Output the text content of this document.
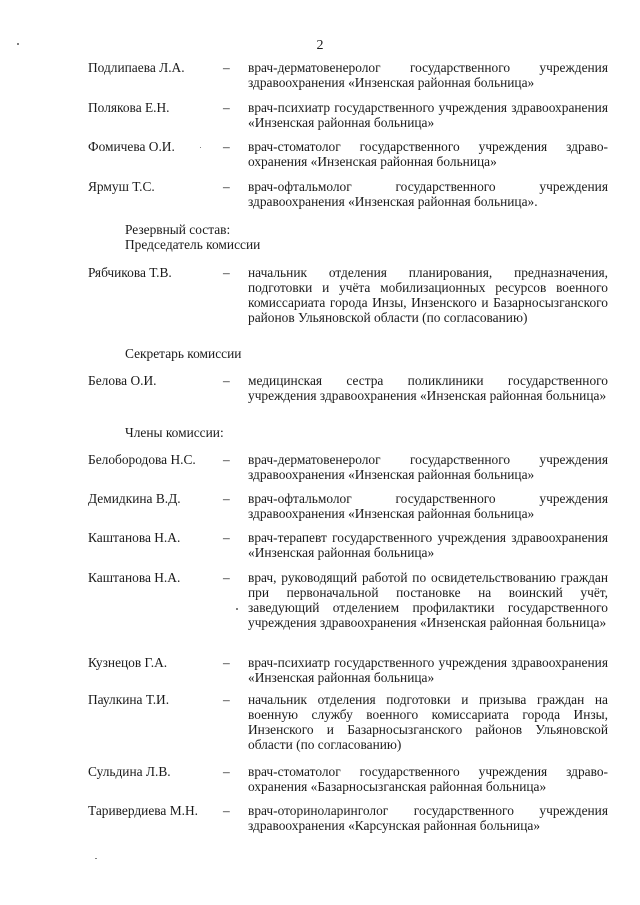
2
Подлипаева Л.А.	– врач-дерматовенеролог государственного учреждения здравоохранения «Инзенская районная больница»
Полякова Е.Н.	– врач-психиатр государственного учреждения здравоохранения «Инзенская районная больница»
Фомичева О.И.	– врач-стоматолог государственного учреждения здравоохранения «Инзенская районная больница»
Ярмуш Т.С.	– врач-офтальмолог государственного учреждения здравоохранения «Инзенская районная больница».
Резервный состав:
Председатель комиссии
Рябчикова Т.В.	– начальник отделения планирования, предназначения, подготовки и учёта мобилизационных ресурсов военного комиссариата города Инзы, Инзенского и Базарносызганского районов Ульяновской области (по согласованию)
Секретарь комиссии
Белова О.И.	– медицинская сестра поликлиники государственного учреждения здравоохранения «Инзенская районная больница»
Члены комиссии:
Белобородова Н.С. – врач-дерматовенеролог государственного учреждения здравоохранения «Инзенская районная больница»
Демидкина В.Д.	– врач-офтальмолог государственного учреждения здравоохранения «Инзенская районная больница»
Каштанова Н.А.	– врач-терапевт государственного учреждения здравоохранения «Инзенская районная больница»
Каштанова Н.А.	– врач, руководящий работой по освидетельствованию граждан при первоначальной постановке на воинский учёт, заведующий отделением профилактики государственного учреждения здравоохранения «Инзенская районная больница»
Кузнецов Г.А.	– врач-психиатр государственного учреждения здравоохранения «Инзенская районная больница»
Паулкина Т.И.	– начальник отделения подготовки и призыва граждан на военную службу военного комиссариата города Инзы, Инзенского и Базарносызганского районов Ульяновской области (по согласованию)
Сульдина Л.В.	– врач-стоматолог государственного учреждения здравоохранения «Базарносызганская районная больница»
Таривердиева М.Н. – врач-оториноларинголог государственного учреждения здравоохранения «Карсунская районная больница»
